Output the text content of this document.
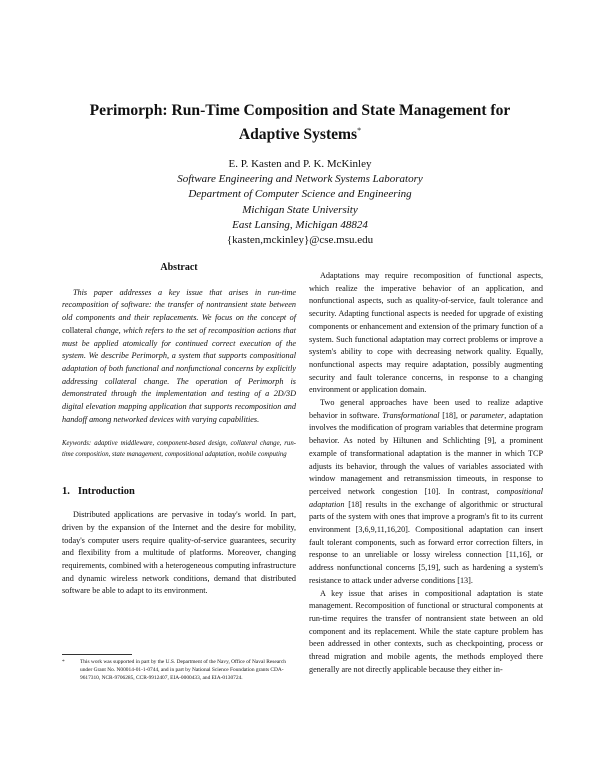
Perimorph: Run-Time Composition and State Management for Adaptive Systems*
E. P. Kasten and P. K. McKinley
Software Engineering and Network Systems Laboratory
Department of Computer Science and Engineering
Michigan State University
East Lansing, Michigan 48824
{kasten,mckinley}@cse.msu.edu
Abstract

This paper addresses a key issue that arises in run-time recomposition of software: the transfer of nontransient state between old components and their replacements. We focus on the concept of collateral change, which refers to the set of recomposition actions that must be applied atomically for continued correct execution of the system. We describe Perimorph, a system that supports compositional adaptation of both functional and nonfunctional concerns by explicitly addressing collateral change. The operation of Perimorph is demonstrated through the implementation and testing of a 2D/3D digital elevation mapping application that supports recomposition and handoff among networked devices with varying capabilities.

Keywords: adaptive middleware, component-based design, collateral change, run-time composition, state management, compositional adaptation, mobile computing

1. Introduction

Distributed applications are pervasive in today's world. In part, driven by the expansion of the Internet and the desire for mobility, today's computer users require quality-of-service guarantees, security and flexibility from a multitude of platforms. Moreover, changing requirements, combined with a heterogeneous computing infrastructure and dynamic wireless network conditions, demand that distributed software be able to adapt to its environment.

*	This work was supported in part by the U.S. Department of the Navy, Office of Naval Research under Grant No. N00014-01-1-0744, and in part by National Science Foundation grants CDA-9617310, NCR-9706285, CCR-9912407, EIA-0000433, and EIA-0130724.

Adaptations may require recomposition of functional aspects, which realize the imperative behavior of an application, and nonfunctional aspects, such as quality-of-service, fault tolerance and security. Adapting functional aspects is needed for upgrade of existing components or enhancement and extension of the primary function of a system. Such functional adaptation may correct problems or improve a system's ability to cope with decreasing network quality. Equally, nonfunctional aspects may require adaptation, possibly augmenting security and fault tolerance concerns, in response to a changing environment or application domain.

Two general approaches have been used to realize adaptive behavior in software. Transformational [18], or parameter, adaptation involves the modification of program variables that determine program behavior. As noted by Hiltunen and Schlichting [9], a prominent example of transformational adaptation is the manner in which TCP adjusts its behavior, through the values of variables associated with window management and retransmission timeouts, in response to perceived network congestion [10]. In contrast, compositional adaptation [18] results in the exchange of algorithmic or structural parts of the system with ones that improve a program's fit to its current environment [3,6,9,11,16,20]. Compositional adaptation can insert fault tolerant components, such as forward error correction filters, in response to an unreliable or lossy wireless connection [11,16], or address nonfunctional concerns [5,19], such as hardening a system's resistance to attack under adverse conditions [13].

A key issue that arises in compositional adaptation is state management. Recomposition of functional or structural components at run-time requires the transfer of nontransient state between an old component and its replacement. While the state capture problem has been addressed in other contexts, such as checkpointing, process or thread migration and mobile agents, the methods employed there generally are not directly applicable because they either in-
